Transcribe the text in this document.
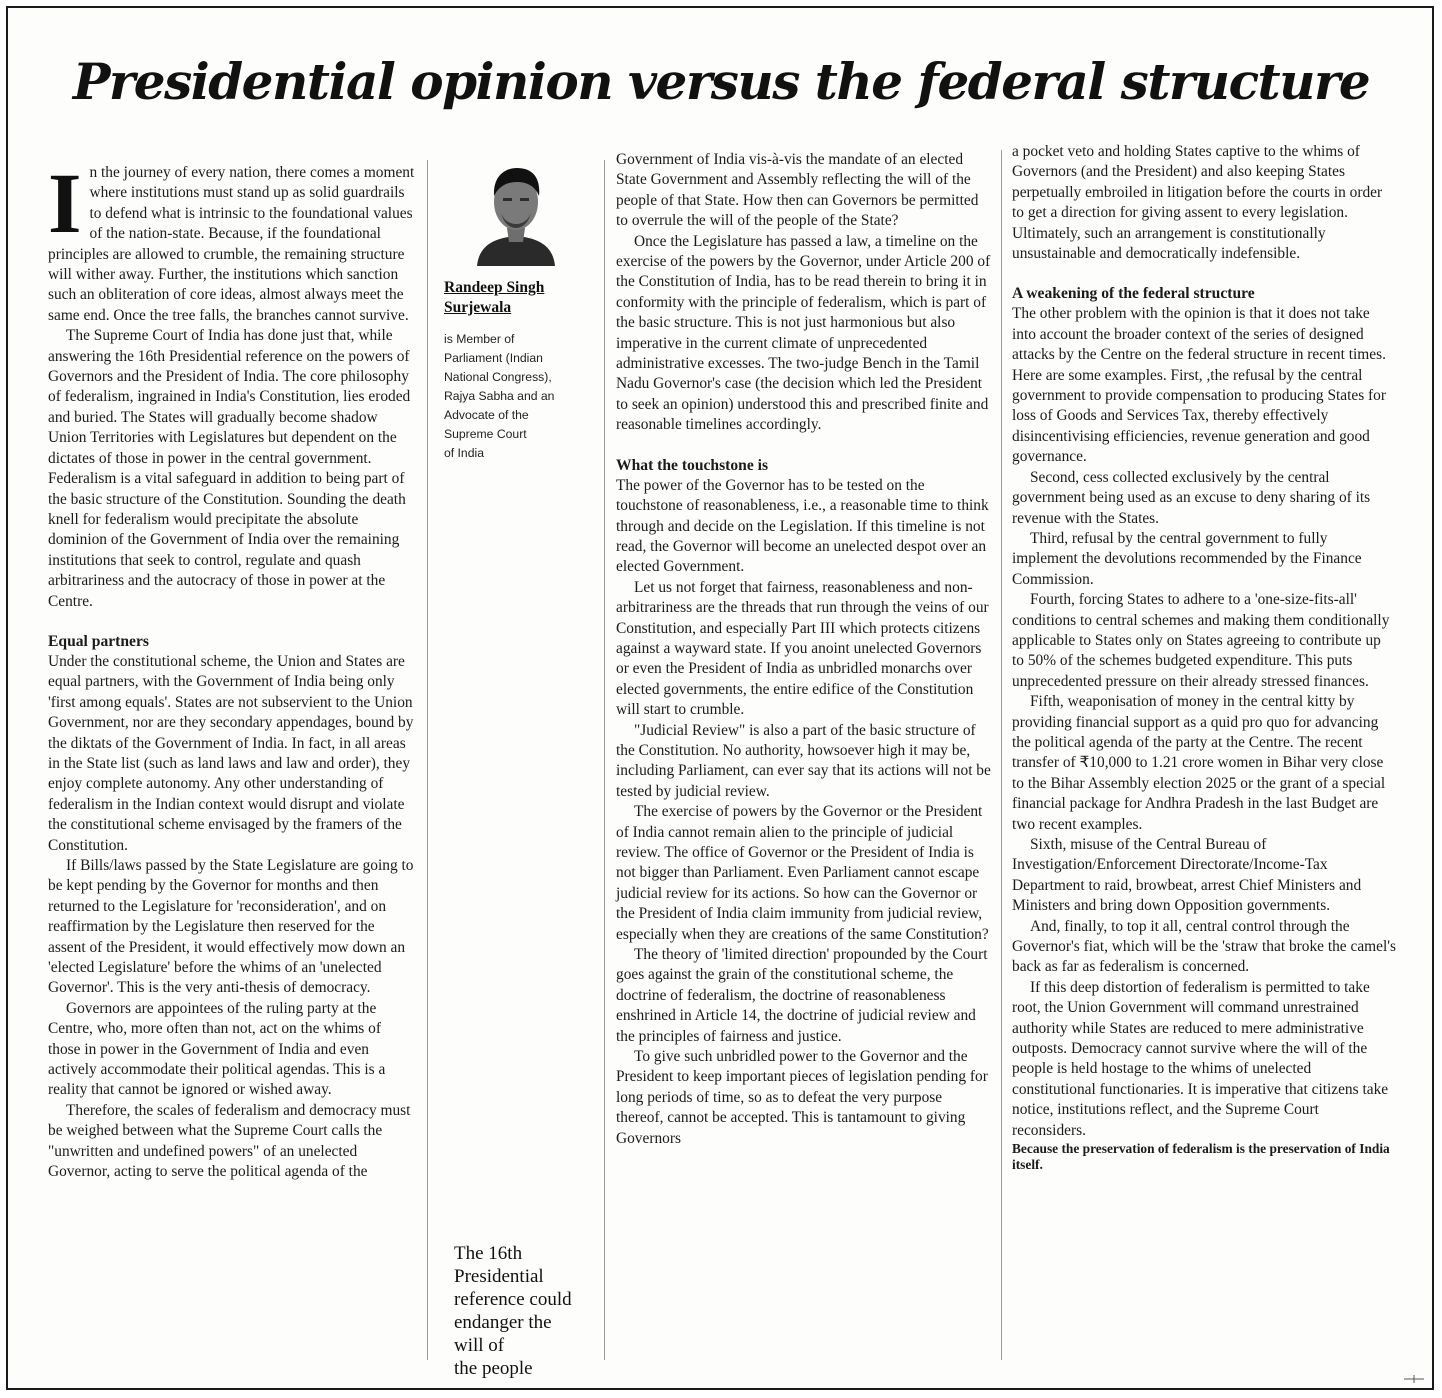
Presidential opinion versus the federal structure

In the journey of every nation, there comes a moment where institutions must stand up as solid guardrails to defend what is intrinsic to the foundational values of the nation-state. Because, if the foundational principles are allowed to crumble, the remaining structure will wither away. Further, the institutions which sanction such an obliteration of core ideas, almost always meet the same end. Once the tree falls, the branches cannot survive.

The Supreme Court of India has done just that, while answering the 16th Presidential reference on the powers of Governors and the President of India. The core philosophy of federalism, ingrained in India's Constitution, lies eroded and buried. The States will gradually become shadow Union Territories with Legislatures but dependent on the dictates of those in power in the central government. Federalism is a vital safeguard in addition to being part of the basic structure of the Constitution. Sounding the death knell for federalism would precipitate the absolute dominion of the Government of India over the remaining institutions that seek to control, regulate and quash arbitrariness and the autocracy of those in power at the Centre.

Equal partners

Under the constitutional scheme, the Union and States are equal partners, with the Government of India being only 'first among equals'. States are not subservient to the Union Government, nor are they secondary appendages, bound by the diktats of the Government of India. In fact, in all areas in the State list (such as land laws and law and order), they enjoy complete autonomy. Any other understanding of federalism in the Indian context would disrupt and violate the constitutional scheme envisaged by the framers of the Constitution.

If Bills/laws passed by the State Legislature are going to be kept pending by the Governor for months and then returned to the Legislature for 'reconsideration', and on reaffirmation by the Legislature then reserved for the assent of the President, it would effectively mow down an 'elected Legislature' before the whims of an 'unelected Governor'. This is the very anti-thesis of democracy.

Governors are appointees of the ruling party at the Centre, who, more often than not, act on the whims of those in power in the Government of India and even actively accommodate their political agendas. This is a reality that cannot be ignored or wished away.

Therefore, the scales of federalism and democracy must be weighed between what the Supreme Court calls the "unwritten and undefined powers" of an unelected Governor, acting to serve the political agenda of the

Randeep Singh
Surjewala

is Member of
Parliament (Indian
National Congress),
Rajya Sabha and an
Advocate of the
Supreme Court
of India

The 16th
Presidential
reference could
endanger the
will of
the people

Government of India vis-à-vis the mandate of an elected State Government and Assembly reflecting the will of the people of that State. How then can Governors be permitted to overrule the will of the people of the State?

Once the Legislature has passed a law, a timeline on the exercise of the powers by the Governor, under Article 200 of the Constitution of India, has to be read therein to bring it in conformity with the principle of federalism, which is part of the basic structure. This is not just harmonious but also imperative in the current climate of unprecedented administrative excesses. The two-judge Bench in the Tamil Nadu Governor's case (the decision which led the President to seek an opinion) understood this and prescribed finite and reasonable timelines accordingly.

What the touchstone is

The power of the Governor has to be tested on the touchstone of reasonableness, i.e., a reasonable time to think through and decide on the Legislation. If this timeline is not read, the Governor will become an unelected despot over an elected Government.

Let us not forget that fairness, reasonableness and non-arbitrariness are the threads that run through the veins of our Constitution, and especially Part III which protects citizens against a wayward state. If you anoint unelected Governors or even the President of India as unbridled monarchs over elected governments, the entire edifice of the Constitution will start to crumble.

"Judicial Review" is also a part of the basic structure of the Constitution. No authority, howsoever high it may be, including Parliament, can ever say that its actions will not be tested by judicial review.

The exercise of powers by the Governor or the President of India cannot remain alien to the principle of judicial review. The office of Governor or the President of India is not bigger than Parliament. Even Parliament cannot escape judicial review for its actions. So how can the Governor or the President of India claim immunity from judicial review, especially when they are creations of the same Constitution?

The theory of 'limited direction' propounded by the Court goes against the grain of the constitutional scheme, the doctrine of federalism, the doctrine of reasonableness enshrined in Article 14, the doctrine of judicial review and the principles of fairness and justice.

To give such unbridled power to the Governor and the President to keep important pieces of legislation pending for long periods of time, so as to defeat the very purpose thereof, cannot be accepted. This is tantamount to giving Governors

a pocket veto and holding States captive to the whims of Governors (and the President) and also keeping States perpetually embroiled in litigation before the courts in order to get a direction for giving assent to every legislation. Ultimately, such an arrangement is constitutionally unsustainable and democratically indefensible.

A weakening of the federal structure

The other problem with the opinion is that it does not take into account the broader context of the series of designed attacks by the Centre on the federal structure in recent times. Here are some examples. First, ,the refusal by the central government to provide compensation to producing States for loss of Goods and Services Tax, thereby effectively disincentivising efficiencies, revenue generation and good governance.

Second, cess collected exclusively by the central government being used as an excuse to deny sharing of its revenue with the States.

Third, refusal by the central government to fully implement the devolutions recommended by the Finance Commission.

Fourth, forcing States to adhere to a 'one-size-fits-all' conditions to central schemes and making them conditionally applicable to States only on States agreeing to contribute up to 50% of the schemes budgeted expenditure. This puts unprecedented pressure on their already stressed finances.

Fifth, weaponisation of money in the central kitty by providing financial support as a quid pro quo for advancing the political agenda of the party at the Centre. The recent transfer of ₹10,000 to 1.21 crore women in Bihar very close to the Bihar Assembly election 2025 or the grant of a special financial package for Andhra Pradesh in the last Budget are two recent examples.

Sixth, misuse of the Central Bureau of Investigation/Enforcement Directorate/Income-Tax Department to raid, browbeat, arrest Chief Ministers and Ministers and bring down Opposition governments.

And, finally, to top it all, central control through the Governor's fiat, which will be the 'straw that broke the camel's back as far as federalism is concerned.

If this deep distortion of federalism is permitted to take root, the Union Government will command unrestrained authority while States are reduced to mere administrative outposts. Democracy cannot survive where the will of the people is held hostage to the whims of unelected constitutional functionaries. It is imperative that citizens take notice, institutions reflect, and the Supreme Court reconsiders.

Because the preservation of federalism is the preservation of India itself.
